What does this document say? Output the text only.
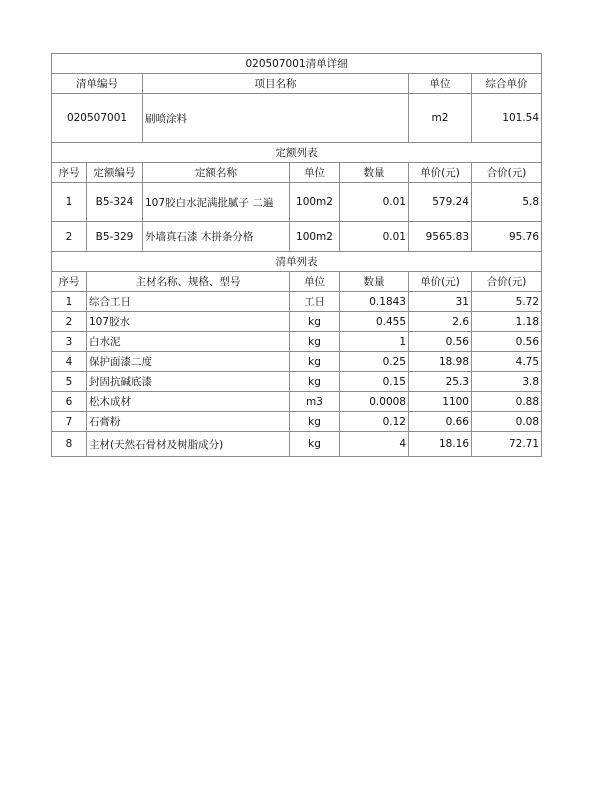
020507001清单详细						
清单编号		项目名称			单位	综合单价
020507001		刷喷涂料			m2	101.54
定额列表						
序号	定额编号	定额名称	单位	数量	单价(元)	合价(元)
1	B5-324	107胶白水泥满批腻子 二遍	100m2	0.01	579.24	5.8
2	B5-329	外墙真石漆 木拼条分格	100m2	0.01	9565.83	95.76
清单列表						
序号	主材名称、规格、型号		单位	数量	单价(元)	合价(元)
1	综合工日		工日	0.1843	31	5.72
2	107胶水		kg	0.455	2.6	1.18
3	白水泥		kg	1	0.56	0.56
4	保护面漆二度		kg	0.25	18.98	4.75
5	封固抗碱底漆		kg	0.15	25.3	3.8
6	松木成材		m3	0.0008	1100	0.88
7	石膏粉		kg	0.12	0.66	0.08
8	主材(天然石骨材及树脂成分)		kg	4	18.16	72.71
